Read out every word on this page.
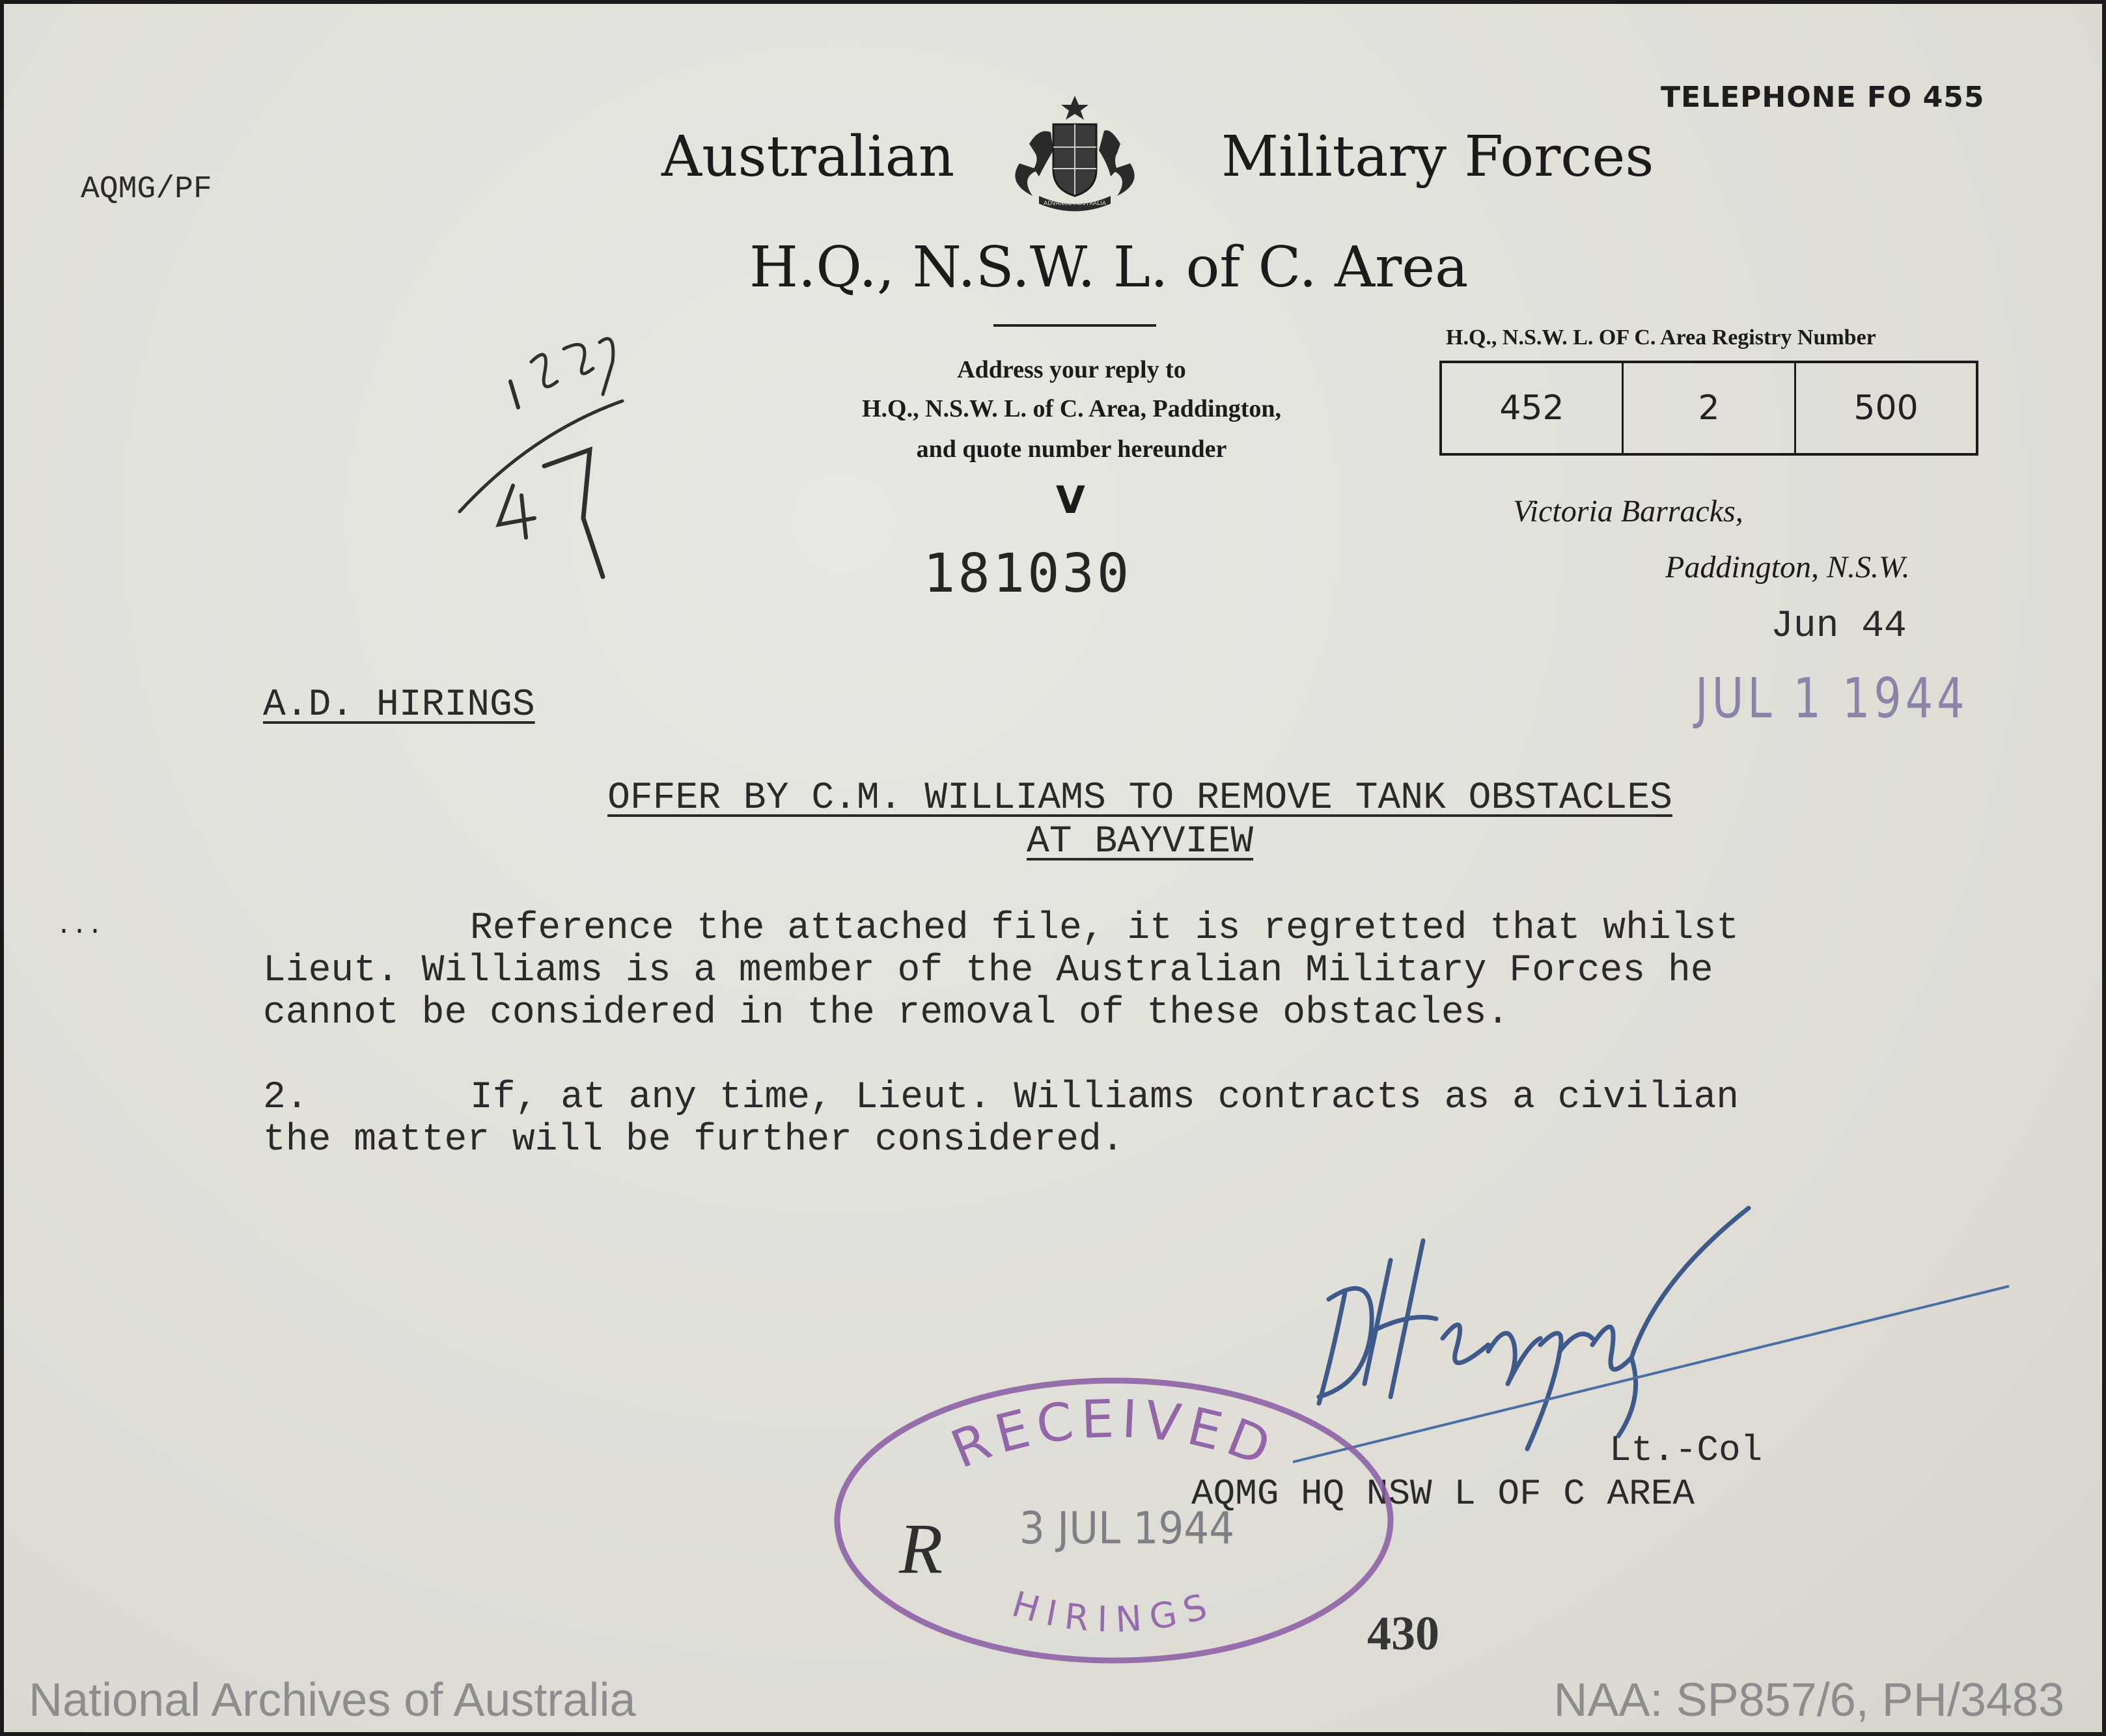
Australian
ADVANCE AUSTRALIA
Military Forces
TELEPHONE FO 455
H.Q., N.S.W. L. of C. Area
AQMG/PF
Address your reply to
H.Q., N.S.W. L. of C. Area, Paddington,
and quote number hereunder
V
181030
H.Q., N.S.W. L. OF C. Area Registry Number
452	2	500
Victoria Barracks,
Paddington, N.S.W.
Jun 44
JUL 1 1944
A.D. HIRINGS
OFFER BY C.M. WILLIAMS TO REMOVE TANK OBSTACLES
AT BAYVIEW
...	Reference the attached file, it is regretted that whilst
Lieut. Williams is a member of the Australian Military Forces he
cannot be considered in the removal of these obstacles.
2.	If, at any time, Lieut. Williams contracts as a civilian
the matter will be further considered.
Lt.-Col
AQMG HQ NSW L OF C AREA
RECEIVED
3 JUL 1944
HIRINGS
R
430
National Archives of Australia	NAA: SP857/6, PH/3483
